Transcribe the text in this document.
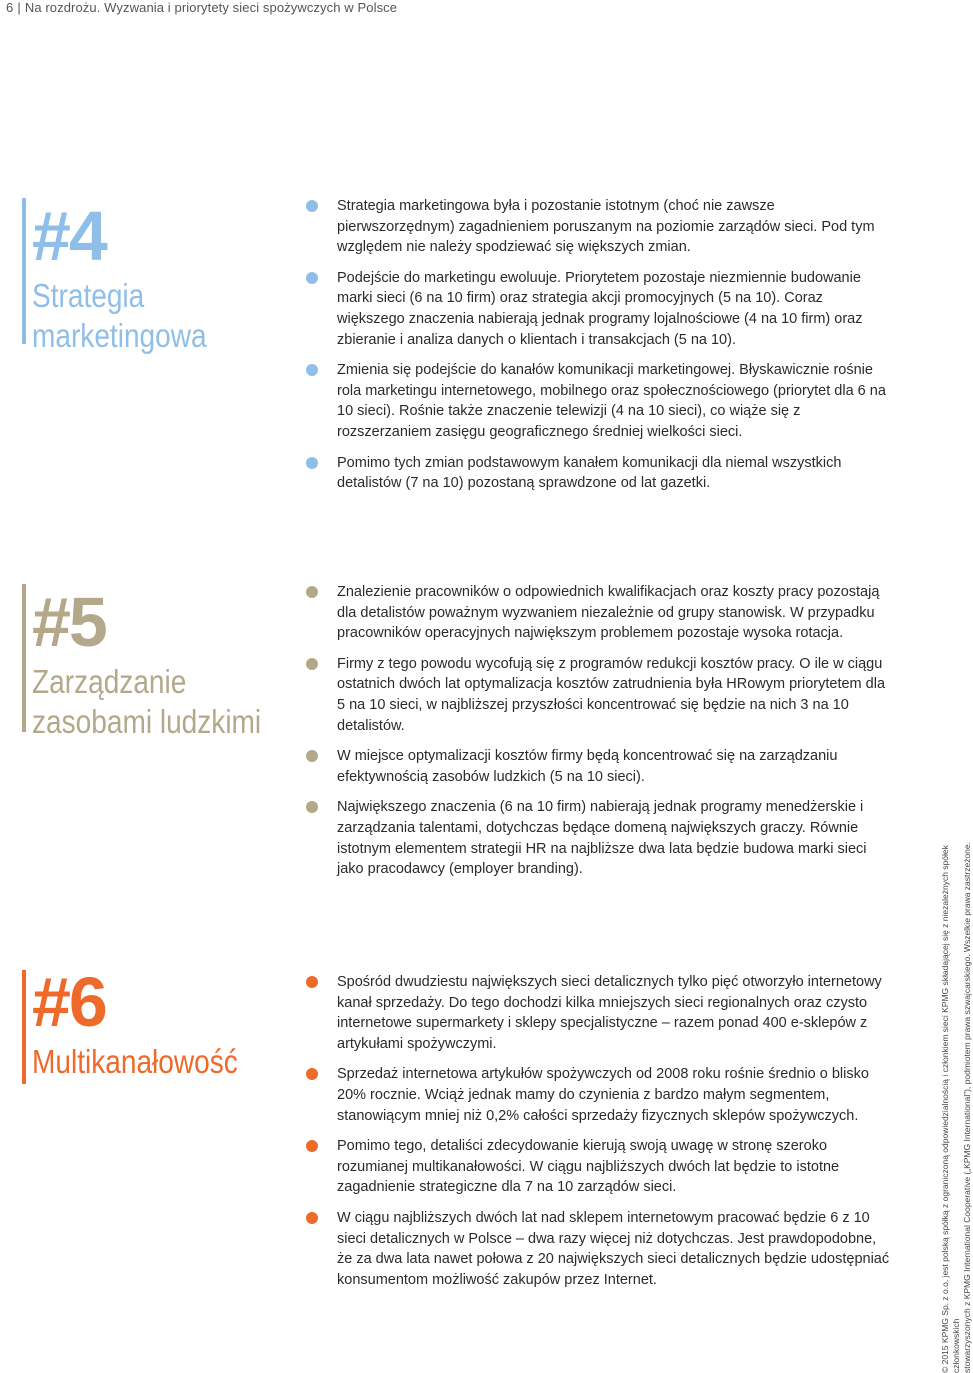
6 | Na rozdrożu. Wyzwania i priorytety sieci spożywczych w Polsce
#4
Strategia
marketingowa
Strategia marketingowa była i pozostanie istotnym (choć nie zawsze pierwszorzędnym) zagadnieniem poruszanym na poziomie zarządów sieci. Pod tym względem nie należy spodziewać się większych zmian.
Podejście do marketingu ewoluuje. Priorytetem pozostaje niezmiennie budowanie marki sieci (6 na 10 firm) oraz strategia akcji promocyjnych (5 na 10). Coraz większego znaczenia nabierają jednak programy lojalnościowe (4 na 10 firm) oraz zbieranie i analiza danych o klientach i transakcjach (5 na 10).
Zmienia się podejście do kanałów komunikacji marketingowej. Błyskawicznie rośnie rola marketingu internetowego, mobilnego oraz społecznościowego (priorytet dla 6 na 10 sieci). Rośnie także znaczenie telewizji (4 na 10 sieci), co wiąże się z rozszerzaniem zasięgu geograficznego średniej wielkości sieci.
Pomimo tych zmian podstawowym kanałem komunikacji dla niemal wszystkich detalistów (7 na 10) pozostaną sprawdzone od lat gazetki.
#5
Zarządzanie
zasobami ludzkimi
Znalezienie pracowników o odpowiednich kwalifikacjach oraz koszty pracy pozostają dla detalistów poważnym wyzwaniem niezależnie od grupy stanowisk. W przypadku pracowników operacyjnych największym problemem pozostaje wysoka rotacja.
Firmy z tego powodu wycofują się z programów redukcji kosztów pracy. O ile w ciągu ostatnich dwóch lat optymalizacja kosztów zatrudnienia była HRowym priorytetem dla 5 na 10 sieci, w najbliższej przyszłości koncentrować się będzie na nich 3 na 10 detalistów.
W miejsce optymalizacji kosztów firmy będą koncentrować się na zarządzaniu efektywnością zasobów ludzkich (5 na 10 sieci).
Największego znaczenia (6 na 10 firm) nabierają jednak programy menedżerskie i zarządzania talentami, dotychczas będące domeną największych graczy. Równie istotnym elementem strategii HR na najbliższe dwa lata będzie budowa marki sieci jako pracodawcy (employer branding).
#6
Multikanałowość
Spośród dwudziestu największych sieci detalicznych tylko pięć otworzyło internetowy kanał sprzedaży. Do tego dochodzi kilka mniejszych sieci regionalnych oraz czysto internetowe supermarkety i sklepy specjalistyczne – razem ponad 400 e-sklepów z artykułami spożywczymi.
Sprzedaż internetowa artykułów spożywczych od 2008 roku rośnie średnio o blisko 20% rocznie. Wciąż jednak mamy do czynienia z bardzo małym segmentem, stanowiącym mniej niż 0,2% całości sprzedaży fizycznych sklepów spożywczych.
Pomimo tego, detaliści zdecydowanie kierują swoją uwagę w stronę szeroko rozumianej multikanałowości. W ciągu najbliższych dwóch lat będzie to istotne zagadnienie strategiczne dla 7 na 10 zarządów sieci.
W ciągu najbliższych dwóch lat nad sklepem internetowym pracować będzie 6 z 10 sieci detalicznych w Polsce – dwa razy więcej niż dotychczas. Jest prawdopodobne, że za dwa lata nawet połowa z 20 największych sieci detalicznych będzie udostępniać konsumentom możliwość zakupów przez Internet.	© 2015 KPMG Sp. z o.o. jest polską spółką z ograniczoną odpowiedzialnością i członkiem sieci KPMG składającej się z niezależnych spółek członkowskich stowarzyszonych z KPMG International Cooperative („KPMG International”), podmiotem prawa szwajcarskiego. Wszelkie prawa zastrzeżone.
